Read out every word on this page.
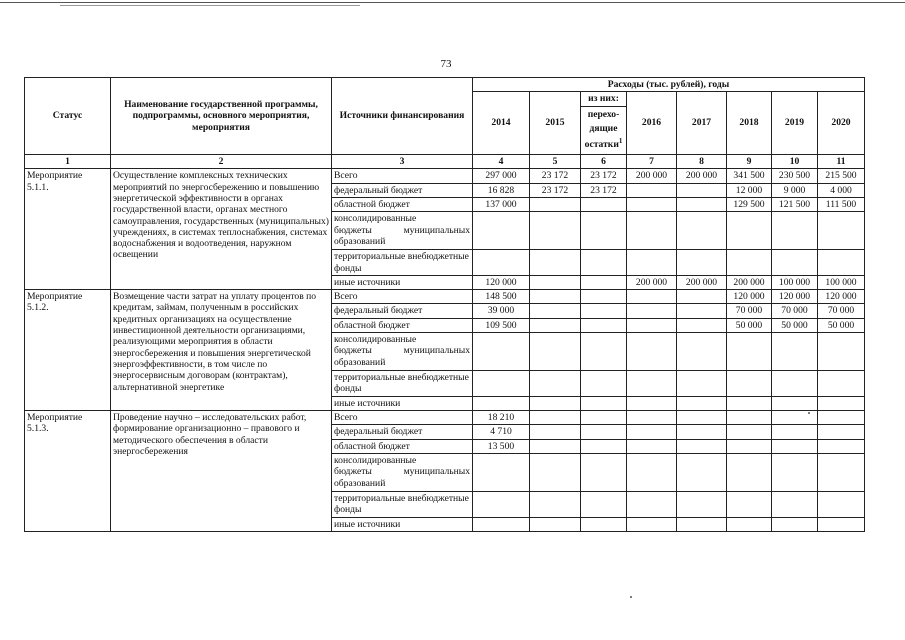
73
Статус	Наименование государственной программы, подпрограммы, основного мероприятия, мероприятия	Источники финансирования	Расходы (тыс. рублей), годы							
			2014	2015	из них:	2016	2017	2018	2019	2020

					перехо-
дящие
остатки$^1$

1	2	3	4	5	6	7	8	9	10	11

Мероприятие
5.1.1.	Осуществление комплексных технических мероприятий по энергосбережению и повышению энергетической эффективности в органах государственной власти, органах местного самоуправления, государственных (муниципальных) учреждениях, в системах теплоснабжения, системах водоснабжения и водоотведения, наружном освещении	Всего	297 000	23 172	23 172	200 000	200 000	341 500	230 500	215 500
		федеральный бюджет	16 828	23 172	23 172			12 000	9 000	4 000
		областной бюджет	137 000					129 500	121 500	111 500

		консолидированные
бюджеты муниципальных
образований								

		территориальные внебюджетные фонды								
		иные источники	120 000			200 000	200 000	200 000	100 000	100 000

Мероприятие
5.1.2.	Возмещение части затрат на уплату процентов по кредитам, займам, полученным в российских кредитных организациях на осуществление инвестиционной деятельности организациями, реализующими мероприятия в области энергосбережения и повышения энергетической энергоэффективности, в том числе по энергосервисным договорам (контрактам), альтернативной энергетике	Всего	148 500					120 000	120 000	120 000
		федеральный бюджет	39 000					70 000	70 000	70 000
		областной бюджет	109 500					50 000	50 000	50 000

		консолидированные
бюджеты муниципальных
образований								

		территориальные внебюджетные фонды								
		иные источники								

Мероприятие
5.1.3.	Проведение научно – исследовательских работ, формирование организационно – правового и методического обеспечения в области энергосбережения	Всего	18 210							
		федеральный бюджет	4 710							
		областной бюджет	13 500							

		консолидированные
бюджеты муниципальных
образований								

		территориальные внебюджетные фонды								
		иные источники								
